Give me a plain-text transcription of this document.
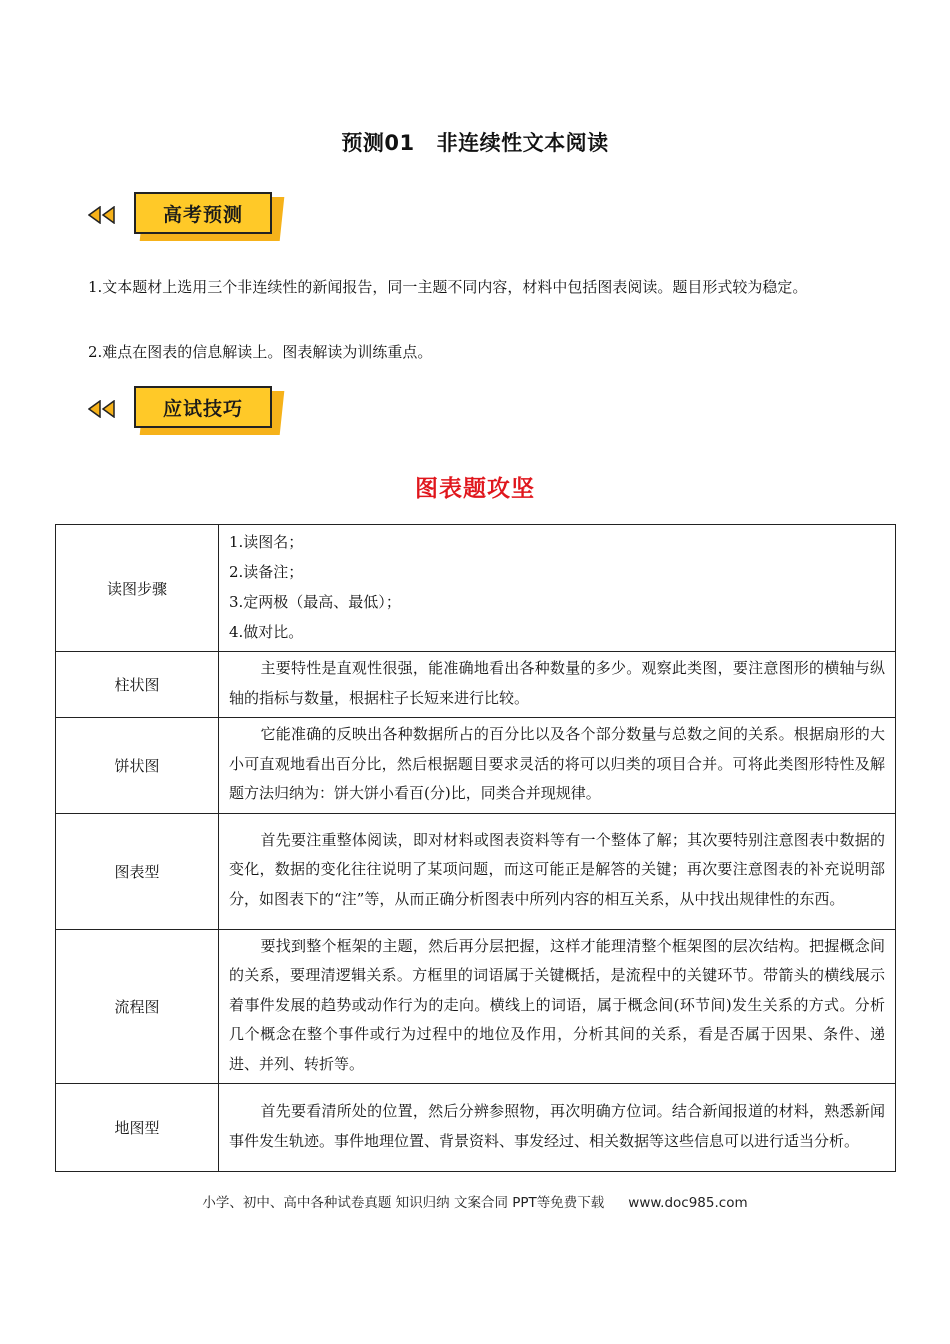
预测01 非连续性文本阅读
高考预测
1.文本题材上选用三个非连续性的新闻报告，同一主题不同内容，材料中包括图表阅读。题目形式较为稳定。
2.难点在图表的信息解读上。图表解读为训练重点。
应试技巧
图表题攻坚
读图步骤	1.读图名；
2.读备注；
3.定两极（最高、最低）；
4.做对比。

柱状图	主要特性是直观性很强，能准确地看出各种数量的多少。观察此类图，要注意图形的横轴与纵轴的指标与数量，根据柱子长短来进行比较。

饼状图	它能准确的反映出各种数据所占的百分比以及各个部分数量与总数之间的关系。根据扇形的大小可直观地看出百分比，然后根据题目要求灵活的将可以归类的项目合并。可将此类图形特性及解题方法归纳为：饼大饼小看百(分)比，同类合并现规律。

图表型	首先要注重整体阅读，即对材料或图表资料等有一个整体了解；其次要特别注意图表中数据的变化，数据的变化往往说明了某项问题，而这可能正是解答的关键；再次要注意图表的补充说明部分，如图表下的“注”等，从而正确分析图表中所列内容的相互关系，从中找出规律性的东西。

流程图	要找到整个框架的主题，然后再分层把握，这样才能理清整个框架图的层次结构。把握概念间的关系，要理清逻辑关系。方框里的词语属于关键概括，是流程中的关键环节。带箭头的横线展示着事件发展的趋势或动作行为的走向。横线上的词语，属于概念间(环节间)发生关系的方式。分析几个概念在整个事件或行为过程中的地位及作用，分析其间的关系，看是否属于因果、条件、递进、并列、转折等。

地图型	首先要看清所处的位置，然后分辨参照物，再次明确方位词。结合新闻报道的材料，熟悉新闻事件发生轨迹。事件地理位置、背景资料、事发经过、相关数据等这些信息可以进行适当分析。
小学、初中、高中各种试卷真题 知识归纳 文案合同 PPT等免费下载 www.doc985.com
